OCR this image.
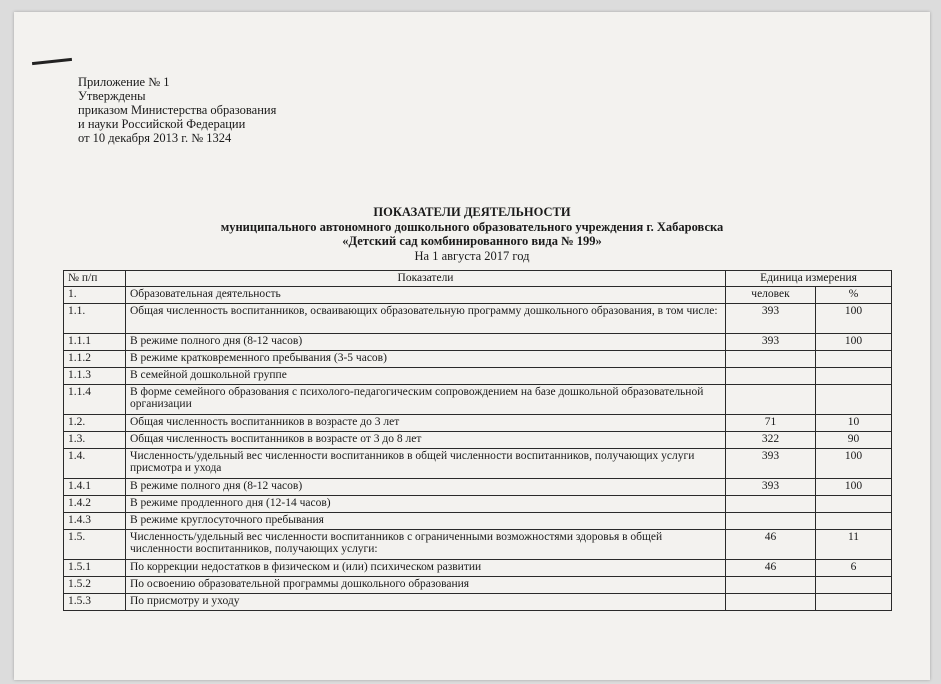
Приложение № 1
Утверждены
приказом Министерства образования
и науки Российской Федерации
от 10 декабря 2013 г. № 1324
ПОКАЗАТЕЛИ ДЕЯТЕЛЬНОСТИ
муниципального автономного дошкольного образовательного учреждения г. Хабаровска
«Детский сад комбинированного вида № 199»
На 1 августа 2017 год
№ п/п	Показатели	Единица измерения	

1.	Образовательная деятельность	человек	%
1.1.	Общая численность воспитанников, осваивающих образовательную программу дошкольного образования, в том числе:	393	100
1.1.1	В режиме полного дня (8-12 часов)	393	100
1.1.2	В режиме кратковременного пребывания (3-5 часов)		
1.1.3	В семейной дошкольной группе		
1.1.4	В форме семейного образования с психолого-педагогическим сопровождением на базе дошкольной образовательной организации		
1.2.	Общая численность воспитанников в возрасте до 3 лет	71	10
1.3.	Общая численность воспитанников в возрасте от 3 до 8 лет	322	90
1.4.	Численность/удельный вес численности воспитанников в общей численности воспитанников, получающих услуги присмотра и ухода	393	100
1.4.1	В режиме полного дня (8-12 часов)	393	100
1.4.2	В режиме продленного дня (12-14 часов)		
1.4.3	В режиме круглосуточного пребывания		
1.5.	Численность/удельный вес численности воспитанников с ограниченными возможностями здоровья в общей численности воспитанников, получающих услуги:	46	11
1.5.1	По коррекции недостатков в физическом и (или) психическом развитии	46	6
1.5.2	По освоению образовательной программы дошкольного образования		
1.5.3	По присмотру и уходу		
